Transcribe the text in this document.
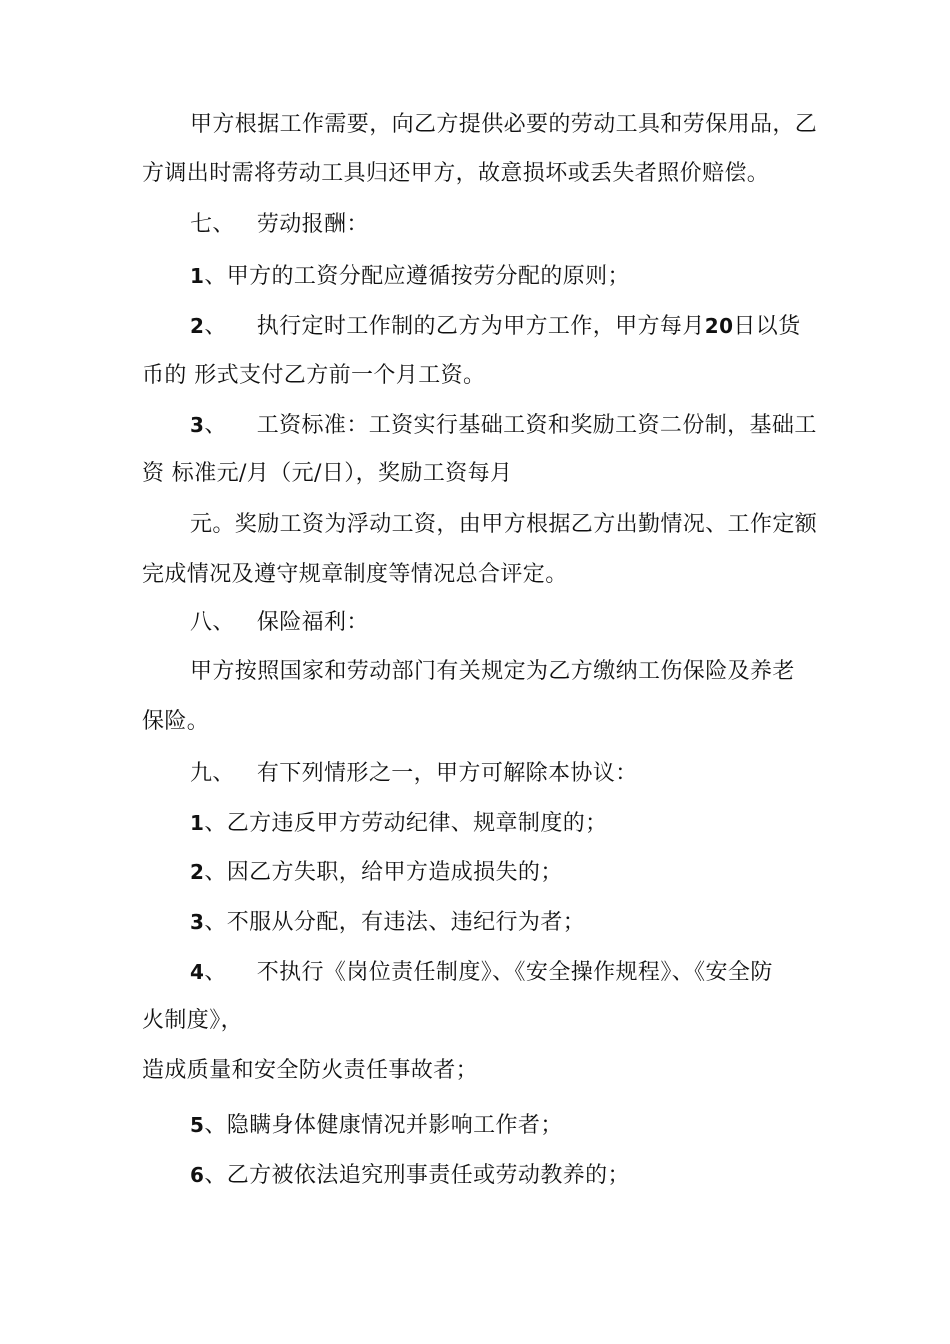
甲方根据工作需要，向乙方提供必要的劳动工具和劳保用品，乙
方调出时需将劳动工具归还甲方，故意损坏或丢失者照价赔偿。
七、 劳动报酬：
1、甲方的工资分配应遵循按劳分配的原则；
2、 执行定时工作制的乙方为甲方工作，甲方每月20日以货
币的 形式支付乙方前一个月工资。
3、 工资标准：工资实行基础工资和奖励工资二份制，基础工
资 标准元/月（元/日），奖励工资每月
元。奖励工资为浮动工资，由甲方根据乙方出勤情况、工作定额
完成情况及遵守规章制度等情况总合评定。
八、 保险福利：
甲方按照国家和劳动部门有关规定为乙方缴纳工伤保险及养老
保险。
九、 有下列情形之一，甲方可解除本协议：
1、乙方违反甲方劳动纪律、规章制度的；
2、因乙方失职，给甲方造成损失的；
3、不服从分配，有违法、违纪行为者；
4、 不执行《岗位责任制度》、《安全操作规程》、《安全防
火制度》，
造成质量和安全防火责任事故者；
5、隐瞒身体健康情况并影响工作者；
6、乙方被依法追究刑事责任或劳动教养的；
